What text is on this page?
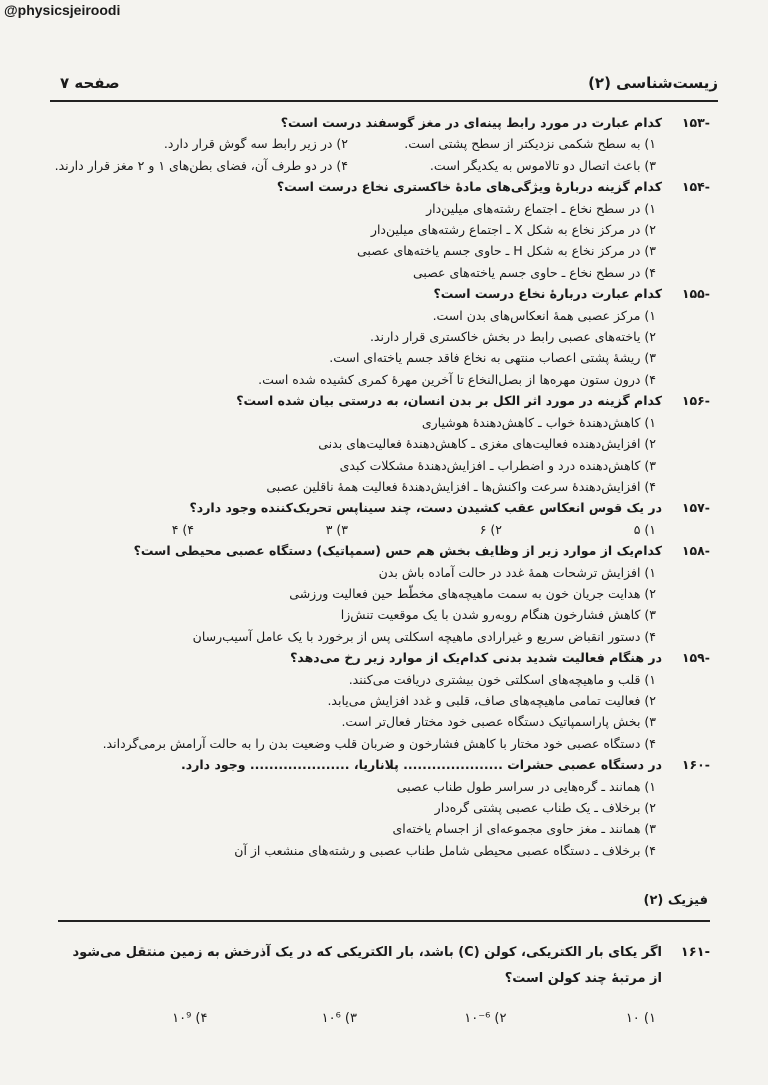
@physicsjeiroodi
زیست‌شناسی (۲)
صفحه ۷
-۱۵۳
کدام عبارت در مورد رابط پینه‌ای در مغز گوسفند درست است؟
۱) به سطح شکمی نزدیکتر از سطح پشتی است.
۲) در زیر رابط سه گوش قرار دارد.
۳) باعث اتصال دو تالاموس به یکدیگر است.
۴) در دو طرف آن، فضای بطن‌های ۱ و ۲ مغز قرار دارند.
-۱۵۴
کدام گزینه دربارهٔ ویژگی‌های مادهٔ خاکستری نخاع درست است؟
۱) در سطح نخاع ـ اجتماع رشته‌های میلین‌دار
۲) در مرکز نخاع به شکل X ـ اجتماع رشته‌های میلین‌دار
۳) در مرکز نخاع به شکل H ـ حاوی جسم یاخته‌های عصبی
۴) در سطح نخاع ـ حاوی جسم یاخته‌های عصبی
-۱۵۵
کدام عبارت دربارهٔ نخاع درست است؟
۱) مرکز عصبی همهٔ انعکاس‌های بدن است.
۲) یاخته‌های عصبی رابط در بخش خاکستری قرار دارند.
۳) ریشهٔ پشتی اعصاب منتهی به نخاع فاقد جسم یاخته‌ای است.
۴) درون ستون مهره‌ها از بصل‌النخاع تا آخرین مهرهٔ کمری کشیده شده است.
-۱۵۶
کدام گزینه در مورد اثر الکل بر بدن انسان، به درستی بیان شده است؟
۱) کاهش‌دهندهٔ خواب ـ کاهش‌دهندهٔ هوشیاری
۲) افزایش‌دهنده فعالیت‌های مغزی ـ کاهش‌دهندهٔ فعالیت‌های بدنی
۳) کاهش‌دهنده درد و اضطراب ـ افزایش‌دهندهٔ مشکلات کبدی
۴) افزایش‌دهندهٔ سرعت واکنش‌ها ـ افزایش‌دهندهٔ فعالیت همهٔ ناقلین عصبی
-۱۵۷
در یک قوس انعکاس عقب کشیدن دست، چند سیناپس تحریک‌کننده وجود دارد؟
۱) ۵
۲) ۶
۳) ۳
۴) ۴
-۱۵۸
کدام‌یک از موارد زیر از وظایف بخش هم حس (سمپاتیک) دستگاه عصبی محیطی است؟
۱) افزایش ترشحات همهٔ غدد در حالت آماده باش بدن
۲) هدایت جریان خون به سمت ماهیچه‌های مخطّط حین فعالیت ورزشی
۳) کاهش فشارخون هنگام روبه‌رو شدن با یک موقعیت تنش‌زا
۴) دستور انقباض سریع و غیرارادی ماهیچه اسکلتی پس از برخورد با یک عامل آسیب‌رسان
-۱۵۹
در هنگام فعالیت شدید بدنی کدام‌یک از موارد زیر رخ می‌دهد؟
۱) قلب و ماهیچه‌های اسکلتی خون بیشتری دریافت می‌کنند.
۲) فعالیت تمامی ماهیچه‌های صاف، قلبی و غدد افزایش می‌یابد.
۳) بخش پاراسمپاتیک دستگاه عصبی خود مختار فعال‌تر است.
۴) دستگاه عصبی خود مختار با کاهش فشارخون و ضربان قلب وضعیت بدن را به حالت آرامش برمی‌گرداند.
-۱۶۰
در دستگاه عصبی حشرات ..................... پلاناریا، ..................... وجود دارد.
۱) همانند ـ گره‌هایی در سراسر طول طناب عصبی
۲) برخلاف ـ یک طناب عصبی پشتی گره‌دار
۳) همانند ـ مغز حاوی مجموعه‌ای از اجسام یاخته‌ای
۴) برخلاف ـ دستگاه عصبی محیطی شامل طناب عصبی و رشته‌های منشعب از آن
فیزیک (۲)
-۱۶۱
اگر یکای بار الکتریکی، کولن (C) باشد، بار الکتریکی که در یک آذرخش به زمین منتقل می‌شود از مرتبهٔ چند کولن است؟
۱) ۱۰
۲) ۱۰⁻⁶
۳) ۱۰⁶
۴) ۱۰⁹
